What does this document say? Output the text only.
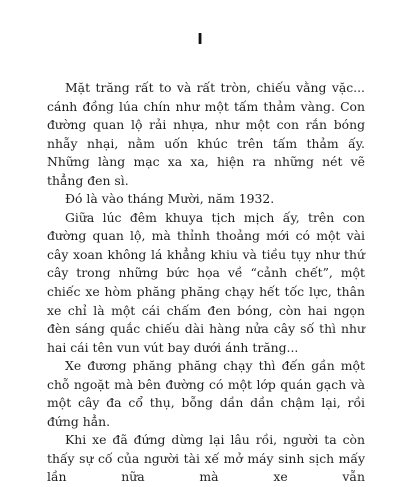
I

Mặt trăng rất to và rất tròn, chiếu vằng vặc... cánh đồng lúa chín như một tấm thảm vàng. Con đường quan lộ rải nhựa, như một con rắn bóng nhẫy nhại, nằm uốn khúc trên tấm thảm ấy. Những làng mạc xa xa, hiện ra những nét vẽ thẳng đen sì.

Đó là vào tháng Mười, năm 1932.

Giữa lúc đêm khuya tịch mịch ấy, trên con đường quan lộ, mà thỉnh thoảng mới có một vài cây xoan không lá khẳng khiu và tiều tụy như thứ cây trong những bức họa về “cảnh chết”, một chiếc xe hòm phăng phăng chạy hết tốc lực, thân xe chỉ là một cái chấm đen bóng, còn hai ngọn đèn sáng quắc chiếu dài hàng nửa cây số thì như hai cái tên vun vút bay dưới ánh trăng...

Xe đương phăng phăng chạy thì đến gần một chỗ ngoặt mà bên đường có một lớp quán gạch và một cây đa cổ thụ, bỗng dần dần chậm lại, rồi đứng hẳn.

Khi xe đã đứng dừng lại lâu rồi, người ta còn thấy sự cố của người tài xế mở máy sinh sịch mấy lần nữa mà xe vẫn
